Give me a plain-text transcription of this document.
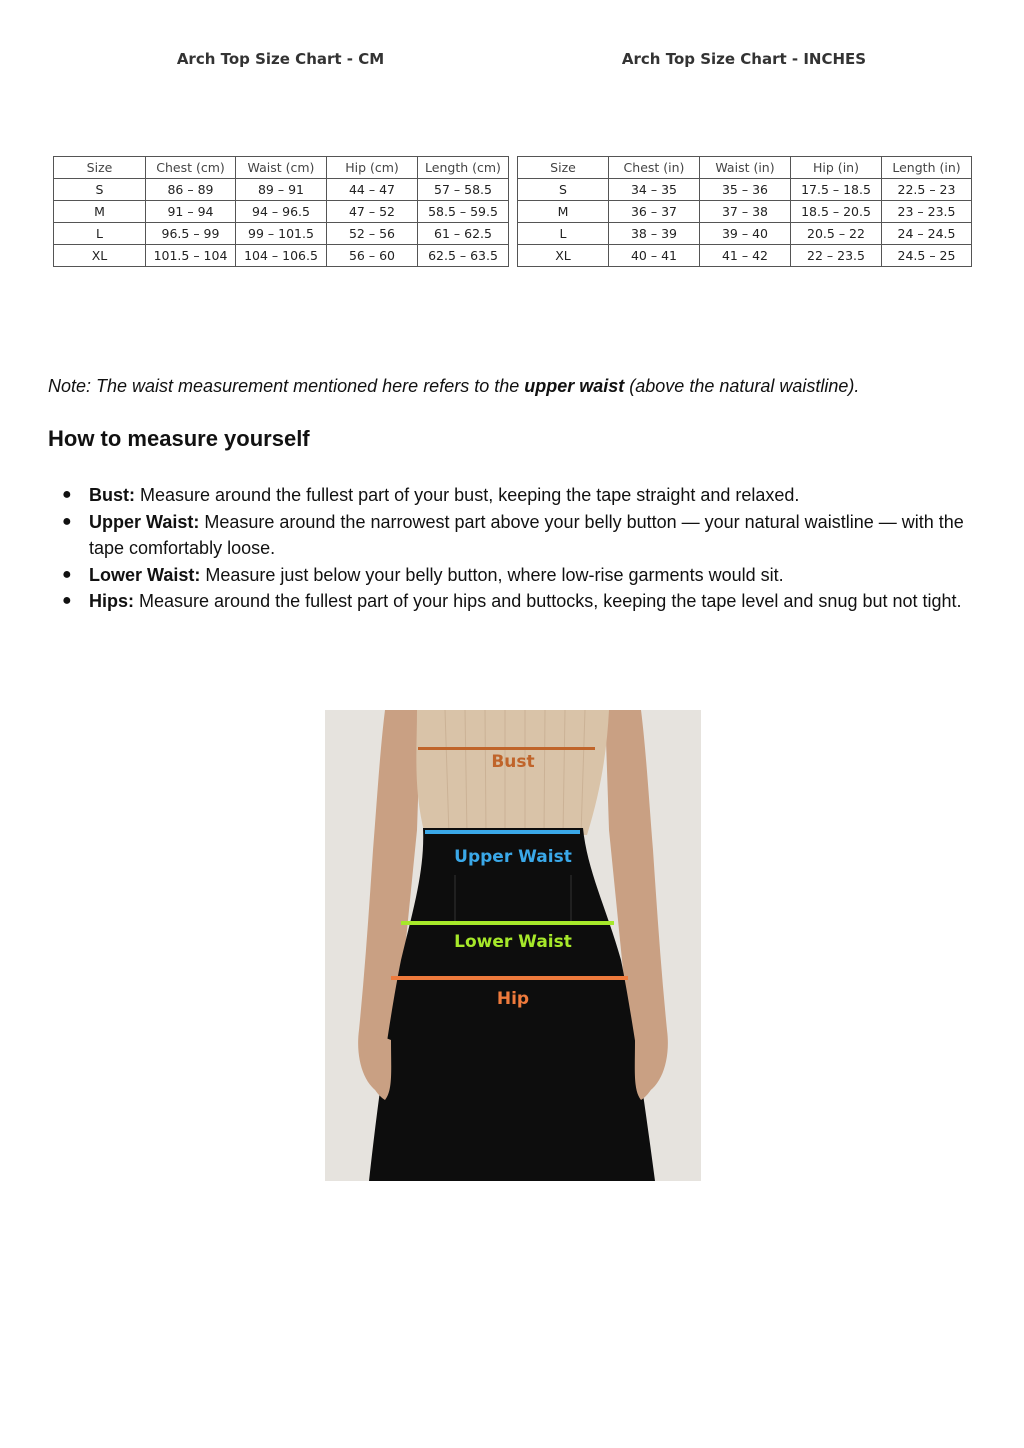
Arch Top Size Chart - CM
Size	Chest (cm)	Waist (cm)	Hip (cm)	Length (cm)
S	86 – 89	89 – 91	44 – 47	57 – 58.5
M	91 – 94	94 – 96.5	47 – 52	58.5 – 59.5
L	96.5 – 99	99 – 101.5	52 – 56	61 – 62.5
XL	101.5 – 104	104 – 106.5	56 – 60	62.5 – 63.5
Arch Top Size Chart - INCHES
Size	Chest (in)	Waist (in)	Hip (in)	Length (in)
S	34 – 35	35 – 36	17.5 – 18.5	22.5 – 23
M	36 – 37	37 – 38	18.5 – 20.5	23 – 23.5
L	38 – 39	39 – 40	20.5 – 22	24 – 24.5
XL	40 – 41	41 – 42	22 – 23.5	24.5 – 25

Note: The waist measurement mentioned here refers to the upper waist (above the natural waistline).

How to measure yourself
● Bust: Measure around the fullest part of your bust, keeping the tape straight and relaxed.
● Upper Waist: Measure around the narrowest part above your belly button — your natural waistline — with the tape comfortably loose.
● Lower Waist: Measure just below your belly button, where low-rise garments would sit.
● Hips: Measure around the fullest part of your hips and buttocks, keeping the tape level and snug but not tight.
Bust
Upper Waist
Lower Waist
Hip
